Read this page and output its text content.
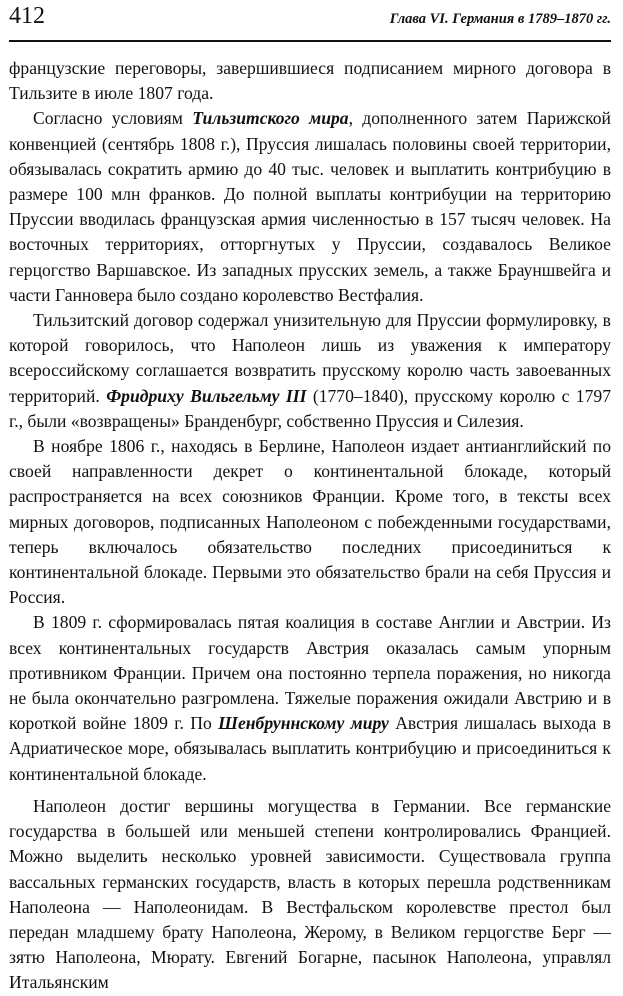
412	Глава VI. Германия в 1789–1870 гг.

французские переговоры, завершившиеся подписанием мирного договора в Тильзите в июле 1807 года.

Согласно условиям Тильзитского мира, дополненного затем Парижской конвенцией (сентябрь 1808 г.), Пруссия лишалась половины своей территории, обязывалась сократить армию до 40 тыс. человек и выплатить контрибуцию в размере 100 млн франков. До полной выплаты контрибуции на территорию Пруссии вводилась французская армия численностью в 157 тысяч человек. На восточных территориях, отторгнутых у Пруссии, создавалось Великое герцогство Варшавское. Из западных прусских земель, а также Брауншвейга и части Ганновера было создано королевство Вестфалия.

Тильзитский договор содержал унизительную для Пруссии формулировку, в которой говорилось, что Наполеон лишь из уважения к императору всероссийскому соглашается возвратить прусскому королю часть завоеванных территорий. Фридриху Вильгельму III (1770–1840), прусскому королю с 1797 г., были «возвращены» Бранденбург, собственно Пруссия и Силезия.

В ноябре 1806 г., находясь в Берлине, Наполеон издает антианглийский по своей направленности декрет о континентальной блокаде, который распространяется на всех союзников Франции. Кроме того, в тексты всех мирных договоров, подписанных Наполеоном с побежденными государствами, теперь включалось обязательство последних присоединиться к континентальной блокаде. Первыми это обязательство брали на себя Пруссия и Россия.

В 1809 г. сформировалась пятая коалиция в составе Англии и Австрии. Из всех континентальных государств Австрия оказалась самым упорным противником Франции. Причем она постоянно терпела поражения, но никогда не была окончательно разгромлена. Тяжелые поражения ожидали Австрию и в короткой войне 1809 г. По Шенбруннскому миру Австрия лишалась выхода в Адриатическое море, обязывалась выплатить контрибуцию и присоединиться к континентальной блокаде.

Наполеон достиг вершины могущества в Германии. Все германские государства в большей или меньшей степени контролировались Францией. Можно выделить несколько уровней зависимости. Существовала группа вассальных германских государств, власть в которых перешла родственникам Наполеона — Наполеонидам. В Вестфальском королевстве престол был передан младшему брату Наполеона, Жерому, в Великом герцогстве Берг — зятю Наполеона, Мюрату. Евгений Богарне, пасынок Наполеона, управлял Итальянским
